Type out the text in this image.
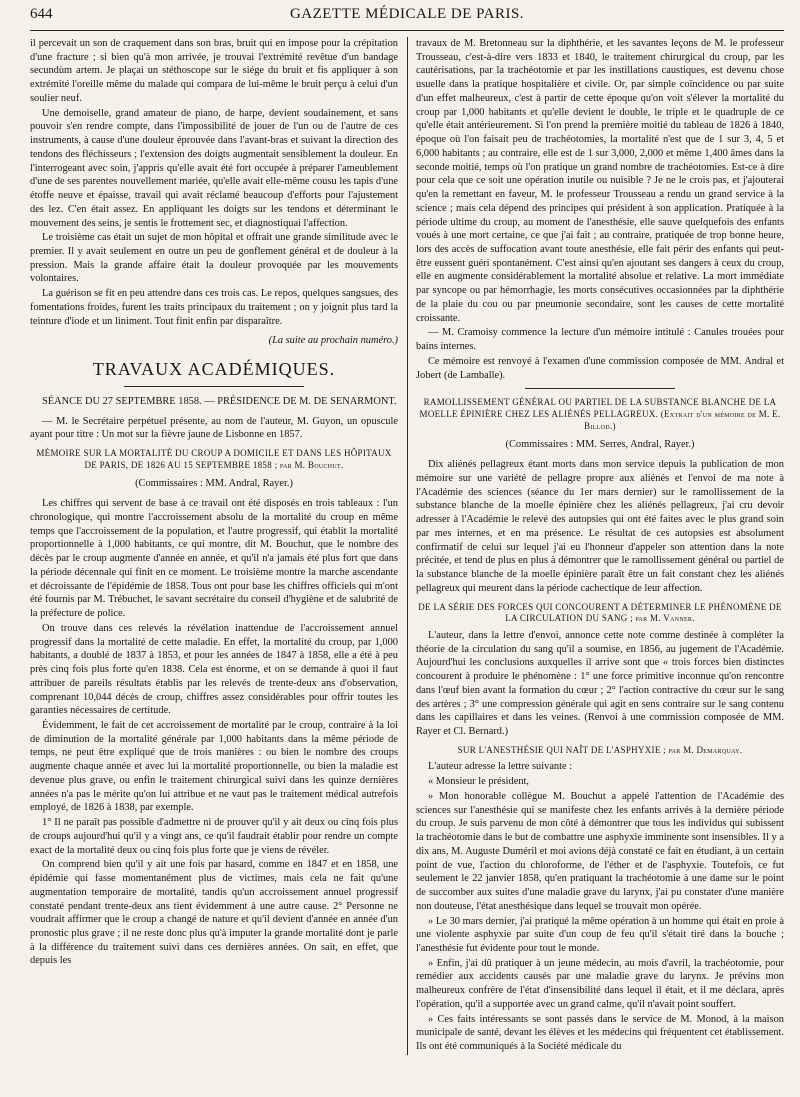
644	GAZETTE MÉDICALE DE PARIS.

il percevait un son de craquement dans son bras, bruit qui en impose pour la crépitation d'une fracture ; si bien qu'à mon arrivée, je trouvai l'extrémité revêtue d'un bandage secundùm artem. Je plaçai un stéthoscope sur le siége du bruit et fis appliquer à son extrémité l'oreille même du malade qui compara de lui-même le bruit perçu à celui d'un soulier neuf.

Une demoiselle, grand amateur de piano, de harpe, devient soudainement, et sans pouvoir s'en rendre compte, dans l'impossibilité de jouer de l'un ou de l'autre de ces instruments, à cause d'une douleur éprouvée dans l'avant-bras et suivant la direction des tendons des fléchisseurs ; l'extension des doigts augmentait sensiblement la douleur. En l'interrogeant avec soin, j'appris qu'elle avait été fort occupée à préparer l'ameublement d'une de ses parentes nouvellement mariée, qu'elle avait elle-même cousu les tapis d'une étoffe neuve et épaisse, travail qui avait réclamé beaucoup d'efforts pour l'ajustement des lez. C'en était assez. En appliquant les doigts sur les tendons et déterminant le mouvement des seins, je sentis le frottement sec, et diagnostiquai l'affection.

Le troisième cas était un sujet de mon hôpital et offrait une grande similitude avec le premier. Il y avait seulement en outre un peu de gonflement général et de douleur à la pression. Mais la grande affaire était la douleur provoquée par les mouvements volontaires.

La guérison se fit en peu attendre dans ces trois cas. Le repos, quelques sangsues, des fomentations froides, furent les traits principaux du traitement ; on y joignit plus tard la teinture d'iode et un liniment. Tout finit enfin par disparaître.

(La suite au prochain numéro.)
TRAVAUX ACADÉMIQUES.
SÉANCE DU 27 SEPTEMBRE 1858. — PRÉSIDENCE DE M. DE SENARMONT.

— M. le Secrétaire perpétuel présente, au nom de l'auteur, M. Guyon, un opuscule ayant pour titre : Un mot sur la fièvre jaune de Lisbonne en 1857.

MÉMOIRE SUR LA MORTALITÉ DU CROUP A DOMICILE ET DANS LES HÔPITAUX DE PARIS, DE 1826 AU 15 SEPTEMBRE 1858 ; par M. Bouchut.
(Commissaires : MM. Andral, Rayer.)

Les chiffres qui servent de base à ce travail ont été disposés en trois tableaux : l'un chronologique, qui montre l'accroissement absolu de la mortalité du croup en même temps que l'accroissement de la population, et l'autre progressif, qui établit la mortalité proportionnelle à 1,000 habitants, ce qui montre, dit M. Bouchut, que le nombre des décès par le croup augmente d'année en année, et qu'il n'a jamais été plus fort que dans la période décennale qui finit en ce moment. Le troisième montre la marche ascendante et décroissante de l'épidémie de 1858. Tous ont pour base les chiffres officiels qui m'ont été fournis par M. Trébuchet, le savant secrétaire du conseil d'hygiène et de salubrité de la préfecture de police.

On trouve dans ces relevés la révélation inattendue de l'accroissement annuel progressif dans la mortalité de cette maladie. En effet, la mortalité du croup, par 1,000 habitants, a doublé de 1837 à 1853, et pour les années de 1847 à 1858, elle a été à peu près cinq fois plus forte qu'en 1838. Cela est énorme, et on se demande à quoi il faut attribuer de pareils résultats établis par les relevés de trente-deux ans d'observation, comprenant 10,044 décès de croup, chiffres assez considérables pour offrir toutes les garanties nécessaires de certitude.

Évidemment, le fait de cet accroissement de mortalité par le croup, contraire à la loi de diminution de la mortalité générale par 1,000 habitants dans la même période de temps, ne peut être expliqué que de trois manières : ou bien le nombre des croups augmente chaque année et avec lui la mortalité proportionnelle, ou bien la maladie est devenue plus grave, ou enfin le traitement chirurgical suivi dans les quinze dernières années n'a pas le mérite qu'on lui attribue et ne vaut pas le traitement médical autrefois employé, de 1826 à 1838, par exemple.

1° Il ne paraît pas possible d'admettre ni de prouver qu'il y ait deux ou cinq fois plus de croups aujourd'hui qu'il y a vingt ans, ce qu'il faudrait établir pour rendre un compte exact de la mortalité deux ou cinq fois plus forte que je viens de révéler.

On comprend bien qu'il y ait une fois par hasard, comme en 1847 et en 1858, une épidémie qui fasse momentanément plus de victimes, mais cela ne fait qu'une augmentation temporaire de mortalité, tandis qu'un accroissement annuel progressif constaté pendant trente-deux ans tient évidemment à une autre cause. 2° Personne ne voudrait affirmer que le croup a changé de nature et qu'il devient d'année en année d'un pronostic plus grave ; il ne reste donc plus qu'à imputer la grande mortalité dont je parle à la différence du traitement suivi dans ces dernières années. On sait, en effet, que depuis les

travaux de M. Bretonneau sur la diphthérie, et les savantes leçons de M. le professeur Trousseau, c'est-à-dire vers 1833 et 1840, le traitement chirurgical du croup, par les cautérisations, par la trachéotomie et par les instillations caustiques, est devenu chose usuelle dans la pratique hospitalière et civile. Or, par simple coïncidence ou par suite d'un effet malheureux, c'est à partir de cette époque qu'on voit s'élever la mortalité du croup par 1,000 habitants et qu'elle devient le double, le triple et le quadruple de ce qu'elle était antérieurement. Si l'on prend la première moitié du tableau de 1826 à 1840, époque où l'on faisait peu de trachéotomies, la mortalité n'est que de 1 sur 3, 4, 5 et 6,000 habitants ; au contraire, elle est de 1 sur 3,000, 2,000 et même 1,400 âmes dans la seconde moitié, temps où l'on pratique un grand nombre de trachéotomies. Est-ce à dire pour cela que ce soit une opération inutile ou nuisible ? Je ne le crois pas, et j'ajouterai qu'en la remettant en faveur, M. le professeur Trousseau a rendu un grand service à la science ; mais cela dépend des principes qui président à son application. Pratiquée à la période ultime du croup, au moment de l'anesthésie, elle sauve quelquefois des enfants voués à une mort certaine, ce que j'ai fait ; au contraire, pratiquée de trop bonne heure, lors des accès de suffocation avant toute anesthésie, elle fait périr des enfants qui peut-être eussent guéri spontanément. C'est ainsi qu'en ajoutant ses dangers à ceux du croup, elle en augmente considérablement la mortalité absolue et relative. La mort immédiate par syncope ou par hémorrhagie, les morts consécutives occasionnées par la diphthérie de la plaie du cou ou par pneumonie secondaire, sont les causes de cette mortalité croissante.

— M. Cramoisy commence la lecture d'un mémoire intitulé : Canules trouées pour bains internes.

Ce mémoire est renvoyé à l'examen d'une commission composée de MM. Andral et Jobert (de Lamballe).

RAMOLLISSEMENT GÉNÉRAL OU PARTIEL DE LA SUBSTANCE BLANCHE DE LA MOELLE ÉPINIÈRE CHEZ LES ALIÉNÉS PELLAGREUX. (Extrait d'un mémoire de M. E. Billod.)
(Commissaires : MM. Serres, Andral, Rayer.)

Dix aliénés pellagreux étant morts dans mon service depuis la publication de mon mémoire sur une variété de pellagre propre aux aliénés et l'envoi de ma note à l'Académie des sciences (séance du 1er mars dernier) sur le ramollissement de la substance blanche de la moelle épinière chez les aliénés pellagreux, j'ai cru devoir adresser à l'Académie le relevé des autopsies qui ont été faites avec le plus grand soin par mes internes, et en ma présence. Le résultat de ces autopsies est absolument confirmatif de celui sur lequel j'ai eu l'honneur d'appeler son attention dans la note précitée, et tend de plus en plus à démontrer que le ramollissement général ou partiel de la substance blanche de la moelle épinière paraît être un fait constant chez les aliénés pellagreux qui meurent dans la période cachectique de leur affection.

DE LA SÉRIE DES FORCES QUI CONCOURENT A DÉTERMINER LE PHÉNOMÈNE DE LA CIRCULATION DU SANG ; par M. Vanner.

L'auteur, dans la lettre d'envoi, annonce cette note comme destinée à compléter la théorie de la circulation du sang qu'il a soumise, en 1856, au jugement de l'Académie. Aujourd'hui les conclusions auxquelles il arrive sont que « trois forces bien distinctes concourent à produire le phénomène : 1° une force primitive inconnue qu'on rencontre dans l'œuf bien avant la formation du cœur ; 2° l'action contractive du cœur sur le sang des artères ; 3° une compression générale qui agit en sens contraire sur le sang contenu dans les capillaires et dans les veines. (Renvoi à une commission composée de MM. Rayer et Cl. Bernard.)

SUR L'ANESTHÉSIE QUI NAÎT DE L'ASPHYXIE ; par M. Demarquay.

L'auteur adresse la lettre suivante :

« Monsieur le président,

» Mon honorable collègue M. Bouchut a appelé l'attention de l'Académie des sciences sur l'anesthésie qui se manifeste chez les enfants arrivés à la dernière période du croup. Je suis parvenu de mon côté à démontrer que tous les individus qui subissent la trachéotomie dans le but de combattre une asphyxie imminente sont insensibles. Il y a dix ans, M. Auguste Duméril et moi avions déjà constaté ce fait en étudiant, à un certain point de vue, l'action du chloroforme, de l'éther et de l'asphyxie. Toutefois, ce fut seulement le 22 janvier 1858, qu'en pratiquant la trachéotomie à une dame sur le point de succomber aux suites d'une maladie grave du larynx, j'ai pu constater d'une manière non douteuse, l'état anesthésique dans lequel se trouvait mon opérée.

» Le 30 mars dernier, j'ai pratiqué la même opération à un homme qui était en proie à une violente asphyxie par suite d'un coup de feu qu'il s'était tiré dans la bouche ; l'anesthésie fut évidente pour tout le monde.

» Enfin, j'ai dû pratiquer à un jeune médecin, au mois d'avril, la trachéotomie, pour remédier aux accidents causés par une maladie grave du larynx. Je prévins mon malheureux confrère de l'état d'insensibilité dans lequel il était, et il me déclara, après l'opération, qu'il a supportée avec un grand calme, qu'il n'avait point souffert.

» Ces faits intéressants se sont passés dans le service de M. Monod, à la maison municipale de santé, devant les élèves et les médecins qui fréquentent cet établissement. Ils ont été communiqués à la Société médicale du
